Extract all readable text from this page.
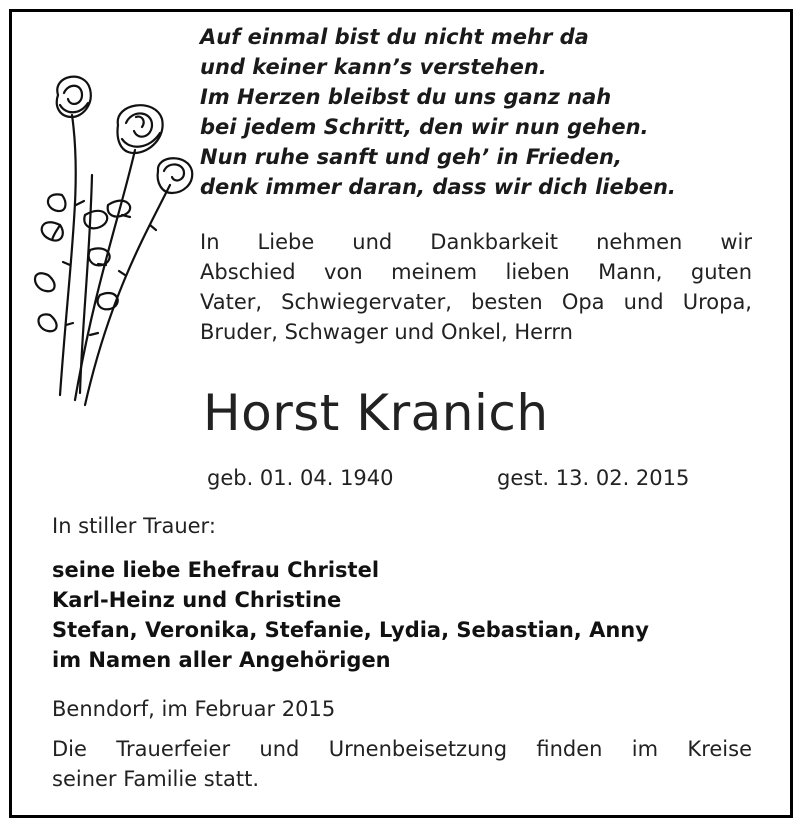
Auf einmal bist du nicht mehr da
und keiner kann’s verstehen.
Im Herzen bleibst du uns ganz nah
bei jedem Schritt, den wir nun gehen.
Nun ruhe sanft und geh’ in Frieden,
denk immer daran, dass wir dich lieben.
In Liebe und Dankbarkeit nehmen wir
Abschied von meinem lieben Mann, guten
Vater, Schwiegervater, besten Opa und Uropa,
Bruder, Schwager und Onkel, Herrn
Horst Kranich
geb. 01. 04. 1940	gest. 13. 02. 2015
In stiller Trauer:
seine liebe Ehefrau Christel
Karl-Heinz und Christine
Stefan, Veronika, Stefanie, Lydia, Sebastian, Anny
im Namen aller Angehörigen
Benndorf, im Februar 2015
Die Trauerfeier und Urnenbeisetzung finden im Kreise
seiner Familie statt.
